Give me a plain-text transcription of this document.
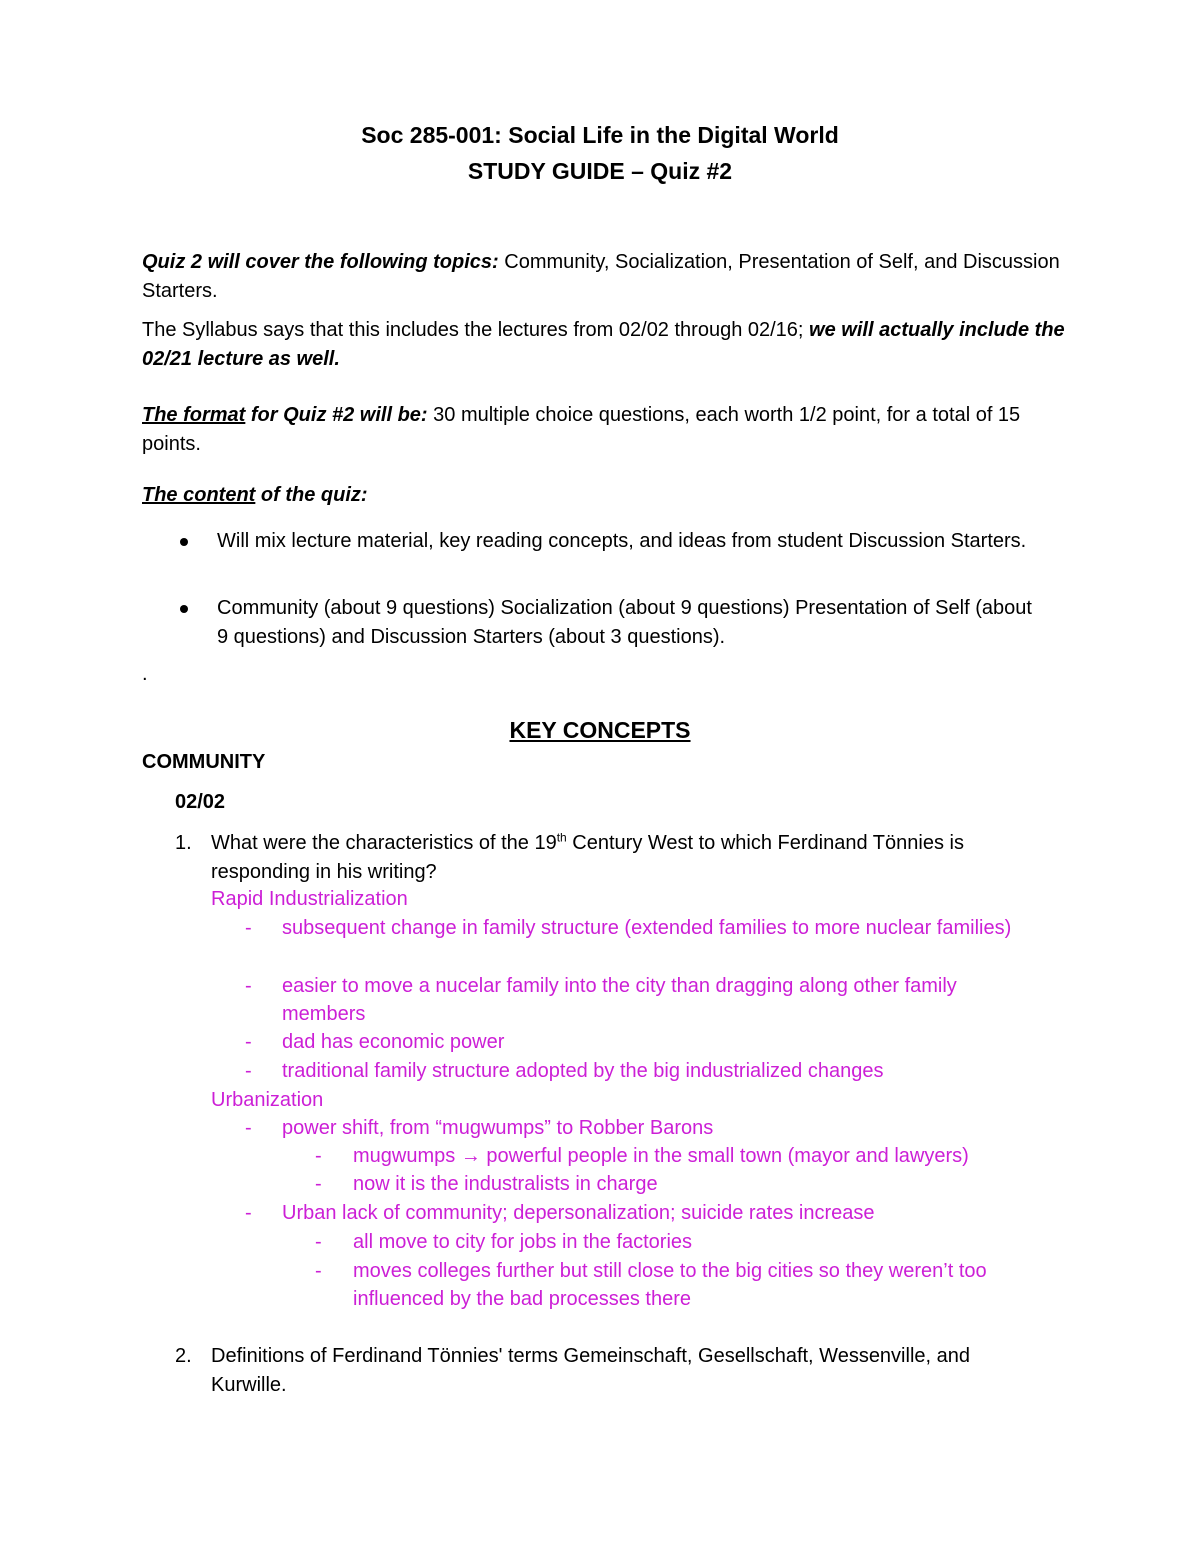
Soc 285-001: Social Life in the Digital World

STUDY GUIDE – Quiz #2

Quiz 2 will cover the following topics: Community, Socialization, Presentation of Self, and Discussion Starters.

The Syllabus says that this includes the lectures from 02/02 through 02/16; we will actually include the 02/21 lecture as well.

The format for Quiz #2 will be: 30 multiple choice questions, each worth 1/2 point, for a total of 15 points.

The content of the quiz:

Will mix lecture material, key reading concepts, and ideas from student Discussion Starters.
Community (about 9 questions) Socialization (about 9 questions) Presentation of Self (about 9 questions) and Discussion Starters (about 3 questions).

.

KEY CONCEPTS

COMMUNITY

02/02

1. What were the characteristics of the 19th Century West to which Ferdinand Tönnies is responding in his writing?

Rapid Industrialization

-	subsequent change in family structure (extended families to more nuclear families)

-	easier to move a nucelar family into the city than dragging along other family members

-	dad has economic power

-	traditional family structure adopted by the big industrialized changes

Urbanization

-	power shift, from “mugwumps” to Robber Barons

-	mugwumps → powerful people in the small town (mayor and lawyers)

-	now it is the industralists in charge

-	Urban lack of community; depersonalization; suicide rates increase

-	all move to city for jobs in the factories

-	moves colleges further but still close to the big cities so they weren’t too influenced by the bad processes there

2. Definitions of Ferdinand Tönnies' terms Gemeinschaft, Gesellschaft, Wessenville, and Kurwille.
